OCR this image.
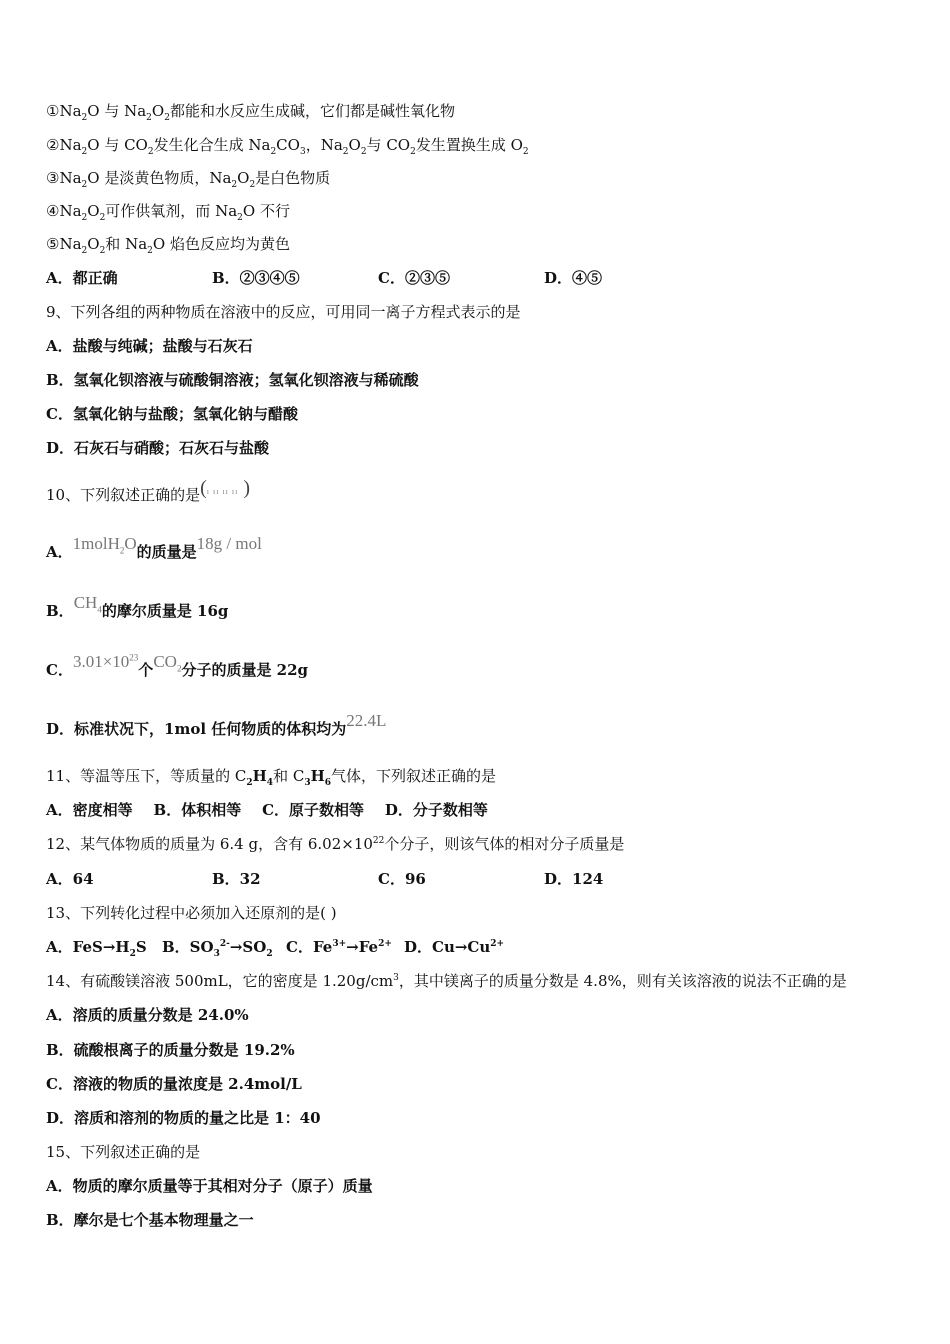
$①Na_2O$ 与 $Na_2O_2$都能和水反应生成碱，它们都是碱性氧化物
$②Na_2O$ 与 $CO_2$发生化合生成 $Na_2CO_3$，$Na_2O_2$与 $CO_2$发生置换生成 $O_2$
$③Na_2O$ 是淡黄色物质，$Na_2O_2$是白色物质
$④Na_2O_2$可作供氧剂，而 $Na_2O$ 不行
$⑤Na_2O_2$和 $Na_2O$ 焰色反应均为黄色
A．都正确	B．②③④⑤	C．②③⑤	D．④⑤
9、下列各组的两种物质在溶液中的反应，可用同一离子方程式表示的是
A．盐酸与纯碱；盐酸与石灰石
B．氢氧化钡溶液与硫酸铜溶液；氢氧化钡溶液与稀硫酸
C．氢氧化钠与盐酸；氢氧化钠与醋酸
D．石灰石与硝酸；石灰石与盐酸
10、下列叙述正确的是(ı ıı ıı ıı )
A．1molH$_2$O的质量是18g / mol
B．$CH_4$的摩尔质量是 16g
C．$3.01\times 10^{23}$个$CO_2$分子的质量是 22g
D．标准状况下，1mol 任何物质的体积均为22.4L
11、等温等压下，等质量的 $C_2H_4$和 $C_3H_6$气体，下列叙述正确的是
A．密度相等    B．体积相等    C．原子数相等    D．分子数相等
12、某气体物质的质量为 6.4 g，含有 $6.02\times 10^{22}$个分子，则该气体的相对分子质量是
A．64	B．32	C．96	D．124
13、下列转化过程中必须加入还原剂的是( )
A．$FeS\to H_2S$ B．$SO_3^{2-}\to SO_2$ C．$Fe^{3+}\to Fe^{2+}$ D．$Cu\to Cu^{2+}$
14、有硫酸镁溶液 500mL，它的密度是 $1.20g/cm^3$，其中镁离子的质量分数是 4.8%，则有关该溶液的说法不正确的是
A．溶质的质量分数是 24.0%
B．硫酸根离子的质量分数是 19.2%
C．溶液的物质的量浓度是 2.4mol/L
D．溶质和溶剂的物质的量之比是 1：40
15、下列叙述正确的是
A．物质的摩尔质量等于其相对分子（原子）质量
B．摩尔是七个基本物理量之一
